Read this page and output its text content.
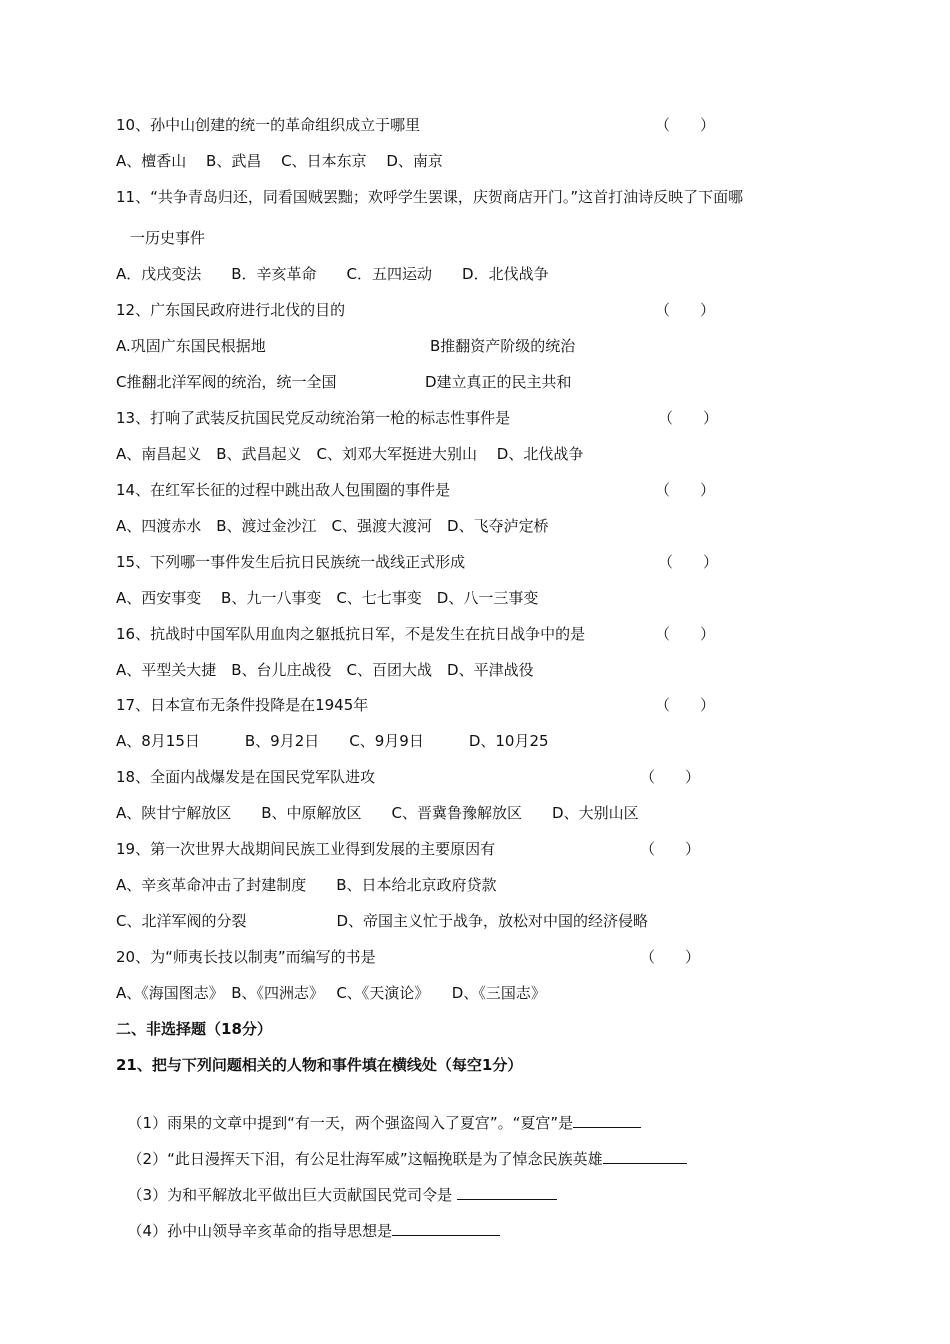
10、孙中山创建的统一的革命组织成立于哪里	（　　）
A、檀香山　 B、武昌　 C、日本东京　 D、南京
11、“共争青岛归还，同看国贼罢黜；欢呼学生罢课，庆贺商店开门。”这首打油诗反映了下面哪
一历史事件
A．戊戌变法　　B．辛亥革命　　C．五四运动　　D．北伐战争
12、广东国民政府进行北伐的目的	（　　）
A.巩固广东国民根据地	B推翻资产阶级的统治
C推翻北洋军阀的统治，统一全国	D建立真正的民主共和
13、打响了武装反抗国民党反动统治第一枪的标志性事件是	（　　）
A、南昌起义　B、武昌起义　C、刘邓大军挺进大别山　 D、北伐战争
14、在红军长征的过程中跳出敌人包围圈的事件是	（　　）
A、四渡赤水　B、渡过金沙江　C、强渡大渡河　D、飞夺泸定桥
15、下列哪一事件发生后抗日民族统一战线正式形成	（　　）
A、西安事变　 B、九一八事变　C、七七事变　D、八一三事变
16、抗战时中国军队用血肉之躯抵抗日军，不是发生在抗日战争中的是	（　　）
A、平型关大捷　B、台儿庄战役　C、百团大战　D、平津战役
17、日本宣布无条件投降是在1945年	（　　）
A、8月15日　　　B、9月2日　　C、9月9日　　　D、10月25
18、全面内战爆发是在国民党军队进攻	（　　）
A、陕甘宁解放区　　B、中原解放区　　C、晋冀鲁豫解放区　　D、大别山区
19、第一次世界大战期间民族工业得到发展的主要原因有	（　　）
A、辛亥革命冲击了封建制度　　B、日本给北京政府贷款
C、北洋军阀的分裂　　　　　　D、帝国主义忙于战争，放松对中国的经济侵略
20、为“师夷长技以制夷”而编写的书是	（　　）
A、《海国图志》　B、《四洲志》　 C、《天演论》　　D、《三国志》
二、非选择题（18分）
21、把与下列问题相关的人物和事件填在横线处（每空1分）

（1）雨果的文章中提到“有一天，两个强盗闯入了夏宫”。“夏宫”是

（2）“此日漫挥天下泪，有公足壮海军威”这幅挽联是为了悼念民族英雄

（3）为和平解放北平做出巨大贡献国民党司令是

（4）孙中山领导辛亥革命的指导思想是
